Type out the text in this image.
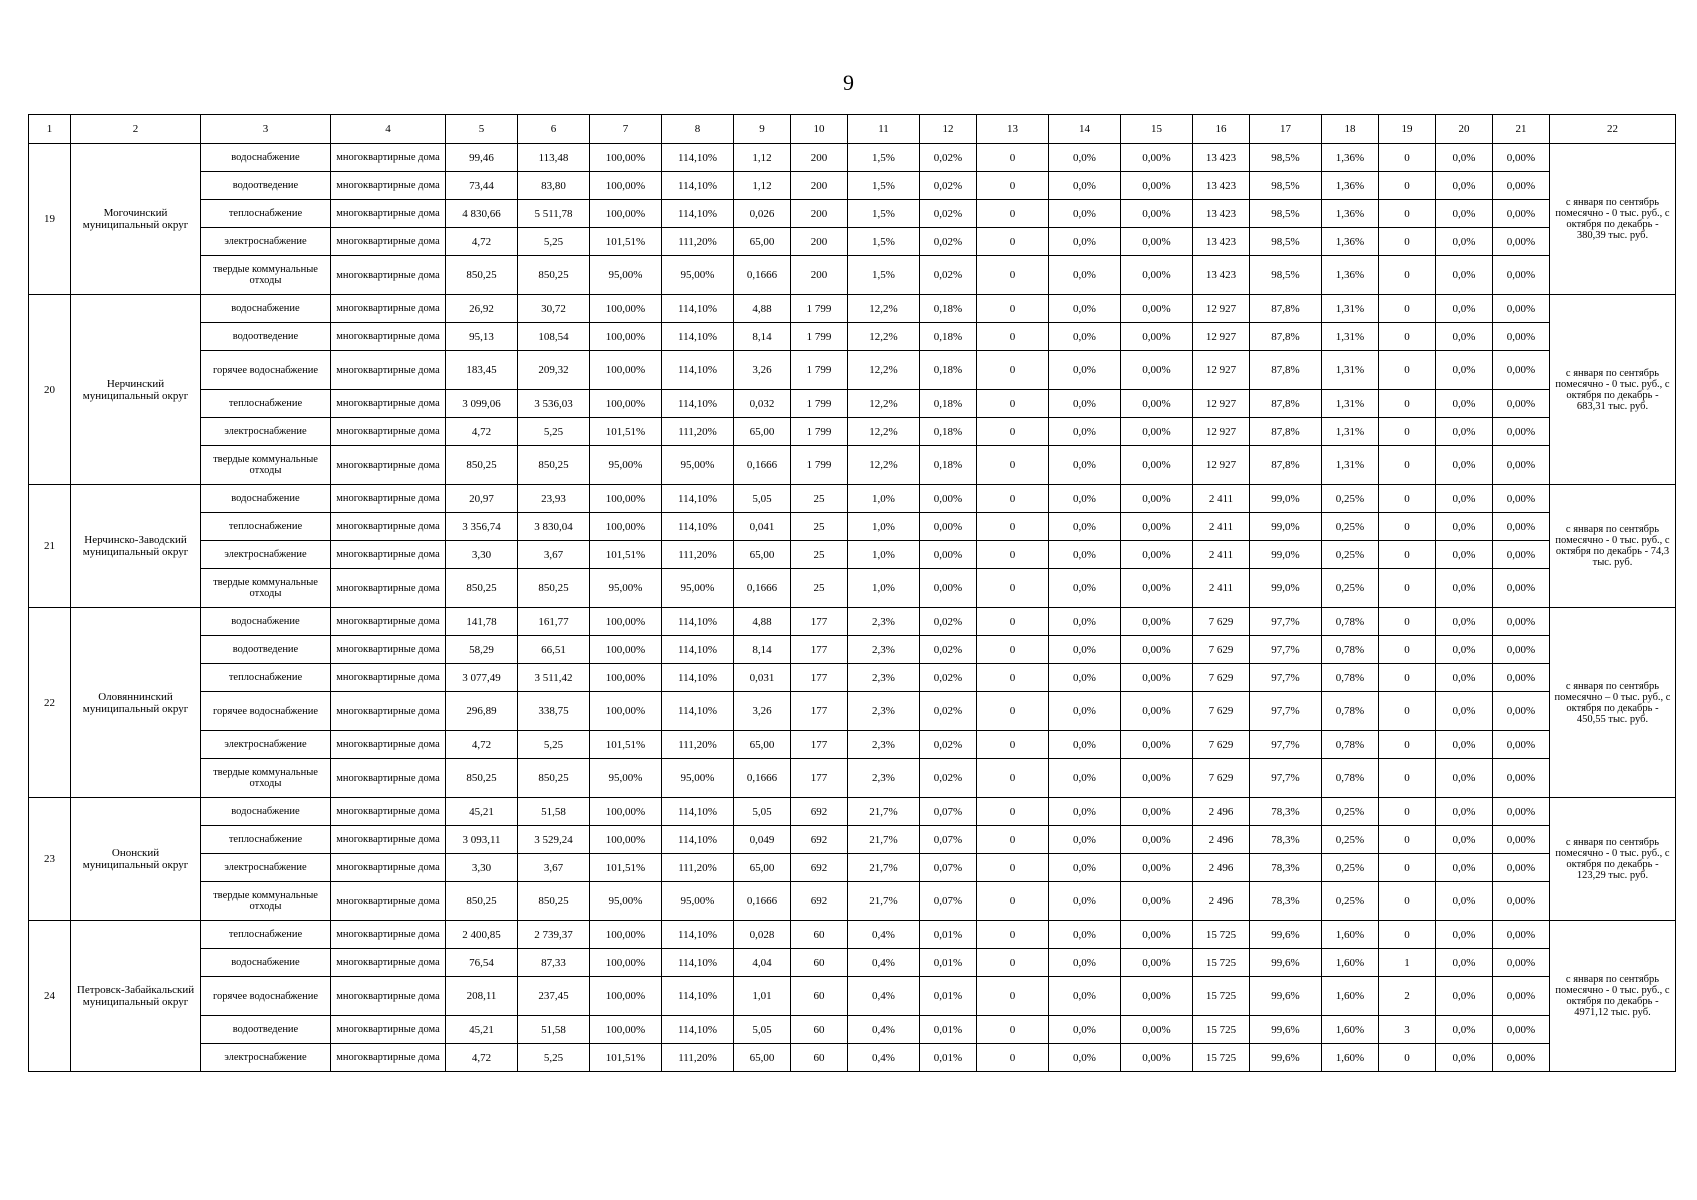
9
1	2	3	4	5	6	7	8	9	10	11	12	13	14	15	16	17	18	19	20	21	22
19	Могочинский муниципальный округ	водоснабжение	многоквартирные дома	99,46	113,48	100,00%	114,10%	1,12	200	1,5%	0,02%	0	0,0%	0,00%	13 423	98,5%	1,36%	0	0,0%	0,00%	с января по сентябрь помесячно - 0 тыс. руб., с октября по декабрь - 380,39 тыс. руб.
		водоотведение	многоквартирные дома	73,44	83,80	100,00%	114,10%	1,12	200	1,5%	0,02%	0	0,0%	0,00%	13 423	98,5%	1,36%	0	0,0%	0,00%	
		теплоснабжение	многоквартирные дома	4 830,66	5 511,78	100,00%	114,10%	0,026	200	1,5%	0,02%	0	0,0%	0,00%	13 423	98,5%	1,36%	0	0,0%	0,00%	
		электроснабжение	многоквартирные дома	4,72	5,25	101,51%	111,20%	65,00	200	1,5%	0,02%	0	0,0%	0,00%	13 423	98,5%	1,36%	0	0,0%	0,00%	
		твердые коммунальные отходы	многоквартирные дома	850,25	850,25	95,00%	95,00%	0,1666	200	1,5%	0,02%	0	0,0%	0,00%	13 423	98,5%	1,36%	0	0,0%	0,00%	
20	Нерчинский муниципальный округ	водоснабжение	многоквартирные дома	26,92	30,72	100,00%	114,10%	4,88	1 799	12,2%	0,18%	0	0,0%	0,00%	12 927	87,8%	1,31%	0	0,0%	0,00%	с января по сентябрь помесячно - 0 тыс. руб., с октября по декабрь - 683,31 тыс. руб.
		водоотведение	многоквартирные дома	95,13	108,54	100,00%	114,10%	8,14	1 799	12,2%	0,18%	0	0,0%	0,00%	12 927	87,8%	1,31%	0	0,0%	0,00%	
		горячее водоснабжение	многоквартирные дома	183,45	209,32	100,00%	114,10%	3,26	1 799	12,2%	0,18%	0	0,0%	0,00%	12 927	87,8%	1,31%	0	0,0%	0,00%	
		теплоснабжение	многоквартирные дома	3 099,06	3 536,03	100,00%	114,10%	0,032	1 799	12,2%	0,18%	0	0,0%	0,00%	12 927	87,8%	1,31%	0	0,0%	0,00%	
		электроснабжение	многоквартирные дома	4,72	5,25	101,51%	111,20%	65,00	1 799	12,2%	0,18%	0	0,0%	0,00%	12 927	87,8%	1,31%	0	0,0%	0,00%	
		твердые коммунальные отходы	многоквартирные дома	850,25	850,25	95,00%	95,00%	0,1666	1 799	12,2%	0,18%	0	0,0%	0,00%	12 927	87,8%	1,31%	0	0,0%	0,00%	
21	Нерчинско-Заводский муниципальный округ	водоснабжение	многоквартирные дома	20,97	23,93	100,00%	114,10%	5,05	25	1,0%	0,00%	0	0,0%	0,00%	2 411	99,0%	0,25%	0	0,0%	0,00%	с января по сентябрь помесячно - 0 тыс. руб., с октября по декабрь - 74,3 тыс. руб.
		теплоснабжение	многоквартирные дома	3 356,74	3 830,04	100,00%	114,10%	0,041	25	1,0%	0,00%	0	0,0%	0,00%	2 411	99,0%	0,25%	0	0,0%	0,00%	
		электроснабжение	многоквартирные дома	3,30	3,67	101,51%	111,20%	65,00	25	1,0%	0,00%	0	0,0%	0,00%	2 411	99,0%	0,25%	0	0,0%	0,00%	
		твердые коммунальные отходы	многоквартирные дома	850,25	850,25	95,00%	95,00%	0,1666	25	1,0%	0,00%	0	0,0%	0,00%	2 411	99,0%	0,25%	0	0,0%	0,00%	
22	Оловяннинский муниципальный округ	водоснабжение	многоквартирные дома	141,78	161,77	100,00%	114,10%	4,88	177	2,3%	0,02%	0	0,0%	0,00%	7 629	97,7%	0,78%	0	0,0%	0,00%	с января по сентябрь помесячно – 0 тыс. руб., с октября по декабрь - 450,55 тыс. руб.
		водоотведение	многоквартирные дома	58,29	66,51	100,00%	114,10%	8,14	177	2,3%	0,02%	0	0,0%	0,00%	7 629	97,7%	0,78%	0	0,0%	0,00%	
		теплоснабжение	многоквартирные дома	3 077,49	3 511,42	100,00%	114,10%	0,031	177	2,3%	0,02%	0	0,0%	0,00%	7 629	97,7%	0,78%	0	0,0%	0,00%	
		горячее водоснабжение	многоквартирные дома	296,89	338,75	100,00%	114,10%	3,26	177	2,3%	0,02%	0	0,0%	0,00%	7 629	97,7%	0,78%	0	0,0%	0,00%	
		электроснабжение	многоквартирные дома	4,72	5,25	101,51%	111,20%	65,00	177	2,3%	0,02%	0	0,0%	0,00%	7 629	97,7%	0,78%	0	0,0%	0,00%	
		твердые коммунальные отходы	многоквартирные дома	850,25	850,25	95,00%	95,00%	0,1666	177	2,3%	0,02%	0	0,0%	0,00%	7 629	97,7%	0,78%	0	0,0%	0,00%	
23	Ононский муниципальный округ	водоснабжение	многоквартирные дома	45,21	51,58	100,00%	114,10%	5,05	692	21,7%	0,07%	0	0,0%	0,00%	2 496	78,3%	0,25%	0	0,0%	0,00%	с января по сентябрь помесячно - 0 тыс. руб., с октября по декабрь - 123,29 тыс. руб.
		теплоснабжение	многоквартирные дома	3 093,11	3 529,24	100,00%	114,10%	0,049	692	21,7%	0,07%	0	0,0%	0,00%	2 496	78,3%	0,25%	0	0,0%	0,00%	
		электроснабжение	многоквартирные дома	3,30	3,67	101,51%	111,20%	65,00	692	21,7%	0,07%	0	0,0%	0,00%	2 496	78,3%	0,25%	0	0,0%	0,00%	
		твердые коммунальные отходы	многоквартирные дома	850,25	850,25	95,00%	95,00%	0,1666	692	21,7%	0,07%	0	0,0%	0,00%	2 496	78,3%	0,25%	0	0,0%	0,00%	
24	Петровск-Забайкальский муниципальный округ	теплоснабжение	многоквартирные дома	2 400,85	2 739,37	100,00%	114,10%	0,028	60	0,4%	0,01%	0	0,0%	0,00%	15 725	99,6%	1,60%	0	0,0%	0,00%	с января по сентябрь помесячно - 0 тыс. руб., с октября по декабрь - 4971,12 тыс. руб.
		водоснабжение	многоквартирные дома	76,54	87,33	100,00%	114,10%	4,04	60	0,4%	0,01%	0	0,0%	0,00%	15 725	99,6%	1,60%	1	0,0%	0,00%	
		горячее водоснабжение	многоквартирные дома	208,11	237,45	100,00%	114,10%	1,01	60	0,4%	0,01%	0	0,0%	0,00%	15 725	99,6%	1,60%	2	0,0%	0,00%	
		водоотведение	многоквартирные дома	45,21	51,58	100,00%	114,10%	5,05	60	0,4%	0,01%	0	0,0%	0,00%	15 725	99,6%	1,60%	3	0,0%	0,00%	
		электроснабжение	многоквартирные дома	4,72	5,25	101,51%	111,20%	65,00	60	0,4%	0,01%	0	0,0%	0,00%	15 725	99,6%	1,60%	0	0,0%	0,00%	
